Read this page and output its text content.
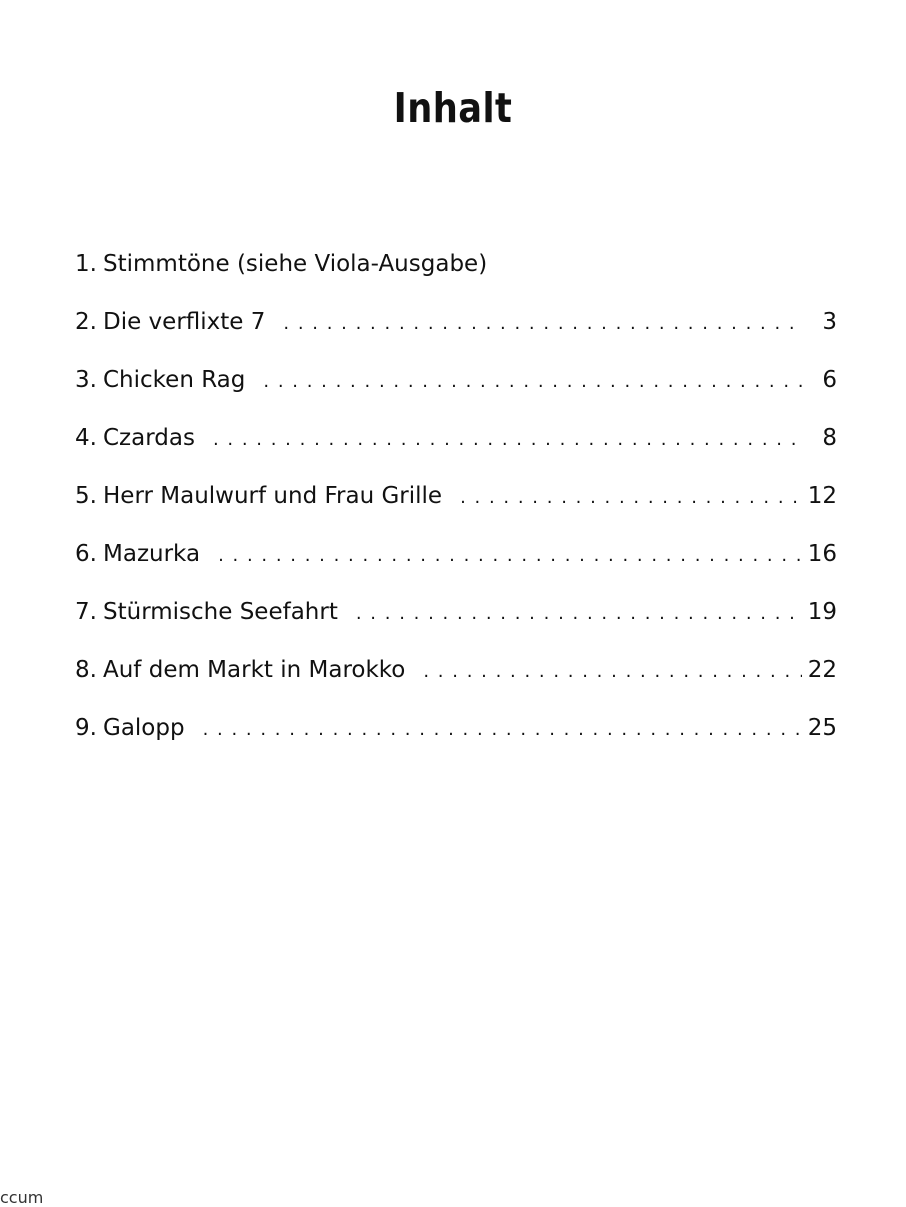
Inhalt
1. Stimmtöne (siehe Viola-Ausgabe)
2. Die verflixte 7 . . .	3
3. Chicken Rag . . .	6
4. Czardas . . .	8
5. Herr Maulwurf und Frau Grille . . .	12
6. Mazurka . . .	16
7. Stürmische Seefahrt . . .	19
8. Auf dem Markt in Marokko . . .	22
9. Galopp . . .	25
ccum
